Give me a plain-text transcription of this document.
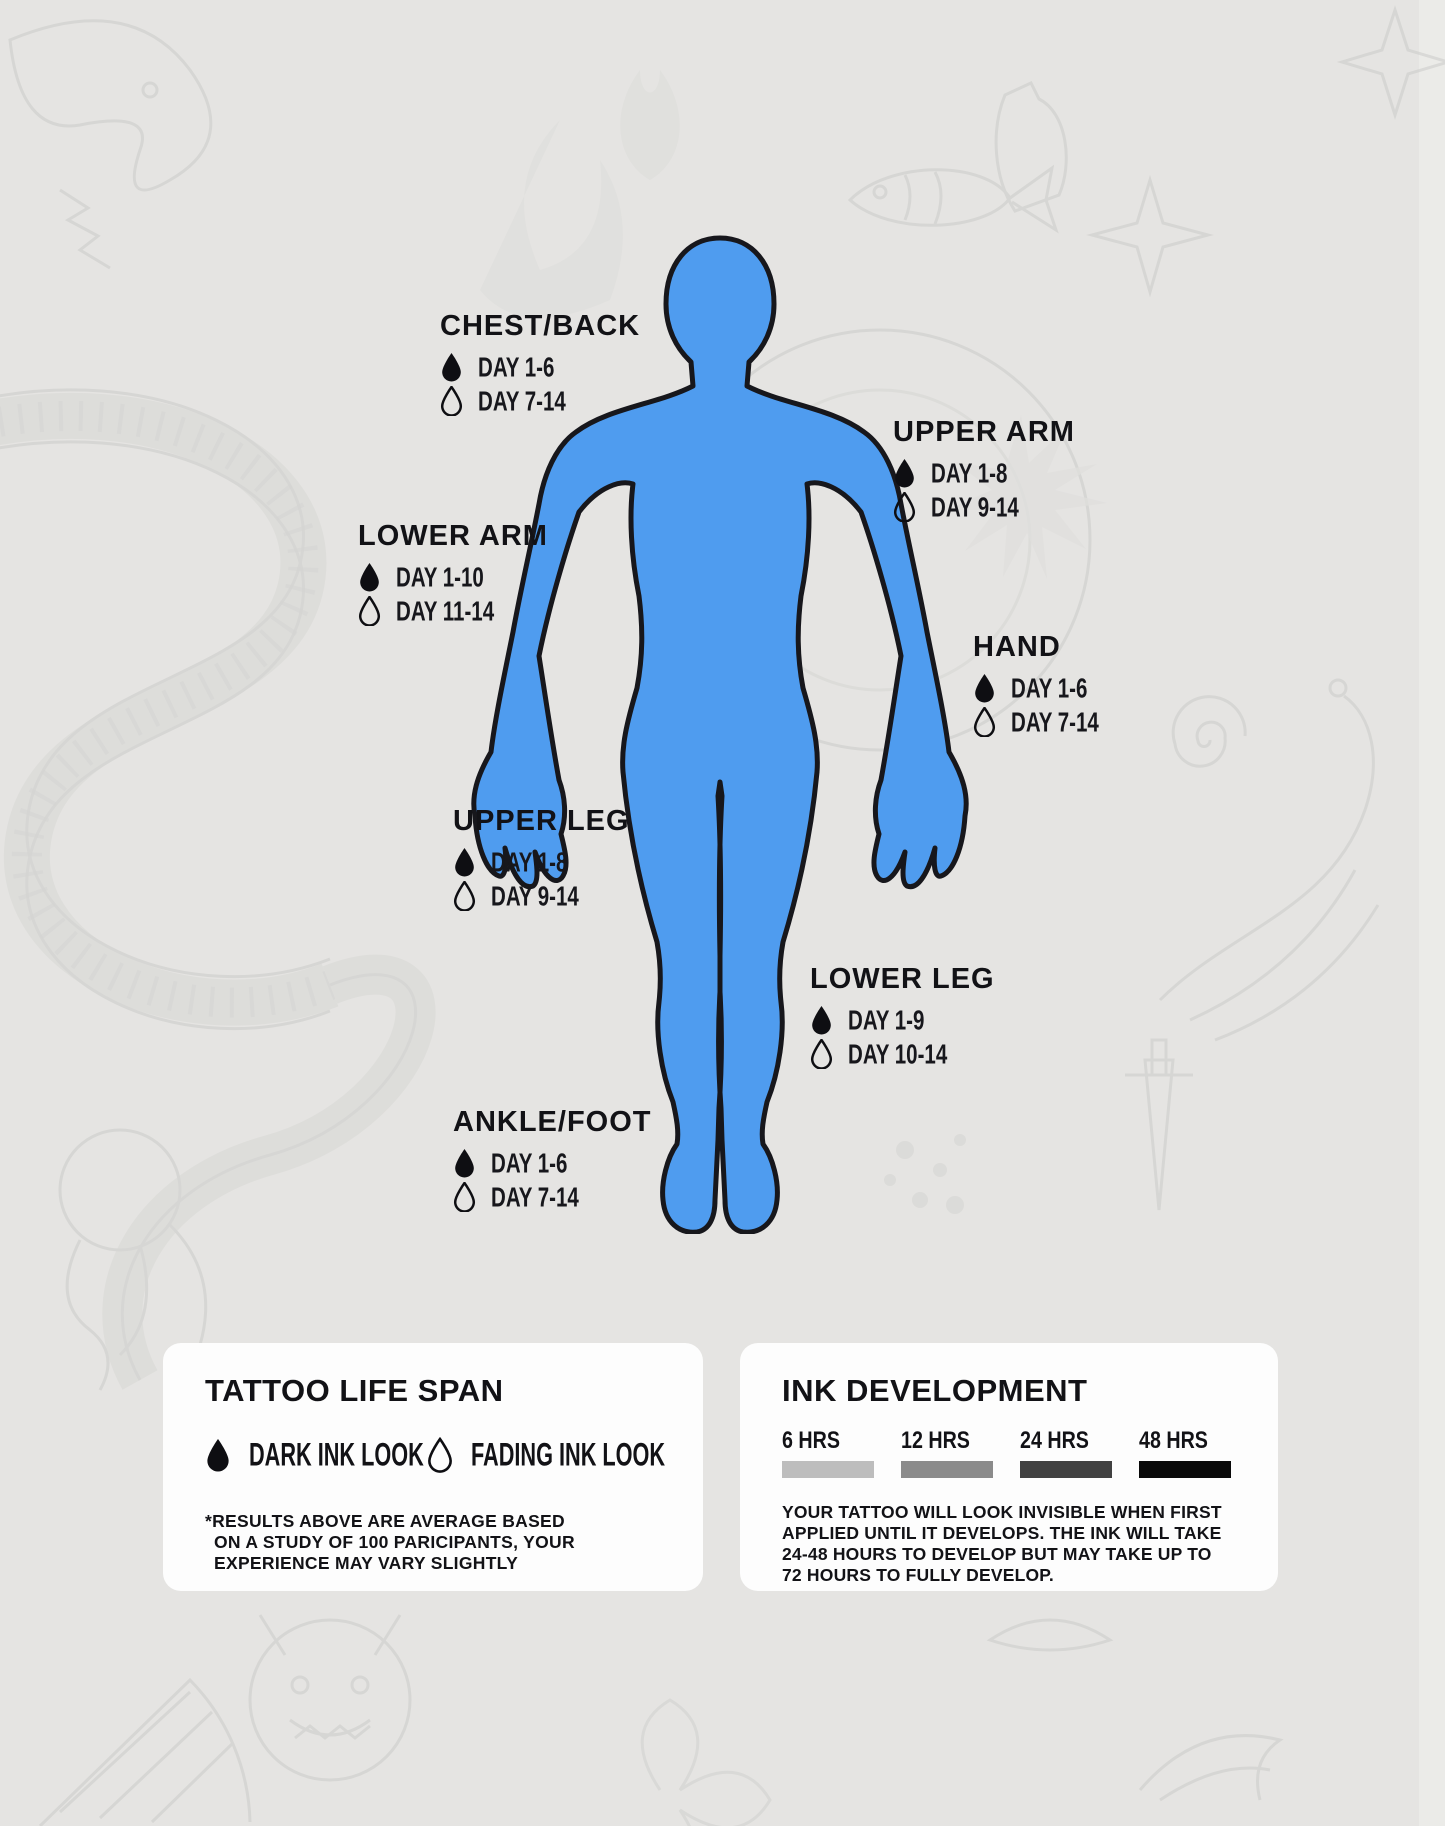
CHEST/BACK
DAY 1-6
DAY 7-14
UPPER ARM
DAY 1-8
DAY 9-14
LOWER ARM
DAY 1-10
DAY 11-14
HAND
DAY 1-6
DAY 7-14
UPPER LEG
DAY 1-8
DAY 9-14
LOWER LEG
DAY 1-9
DAY 10-14
ANKLE/FOOT
DAY 1-6
DAY 7-14
TATTOO LIFE SPAN
DARK INK LOOK FADING INK LOOK
*RESULTS ABOVE ARE AVERAGE BASED
ON A STUDY OF 100 PARICIPANTS, YOUR
EXPERIENCE MAY VARY SLIGHTLY
INK DEVELOPMENT
6 HRS	12 HRS 24 HRS 48 HRS
YOUR TATTOO WILL LOOK INVISIBLE WHEN FIRST
APPLIED UNTIL IT DEVELOPS. THE INK WILL TAKE
24-48 HOURS TO DEVELOP BUT MAY TAKE UP TO
72 HOURS TO FULLY DEVELOP.
